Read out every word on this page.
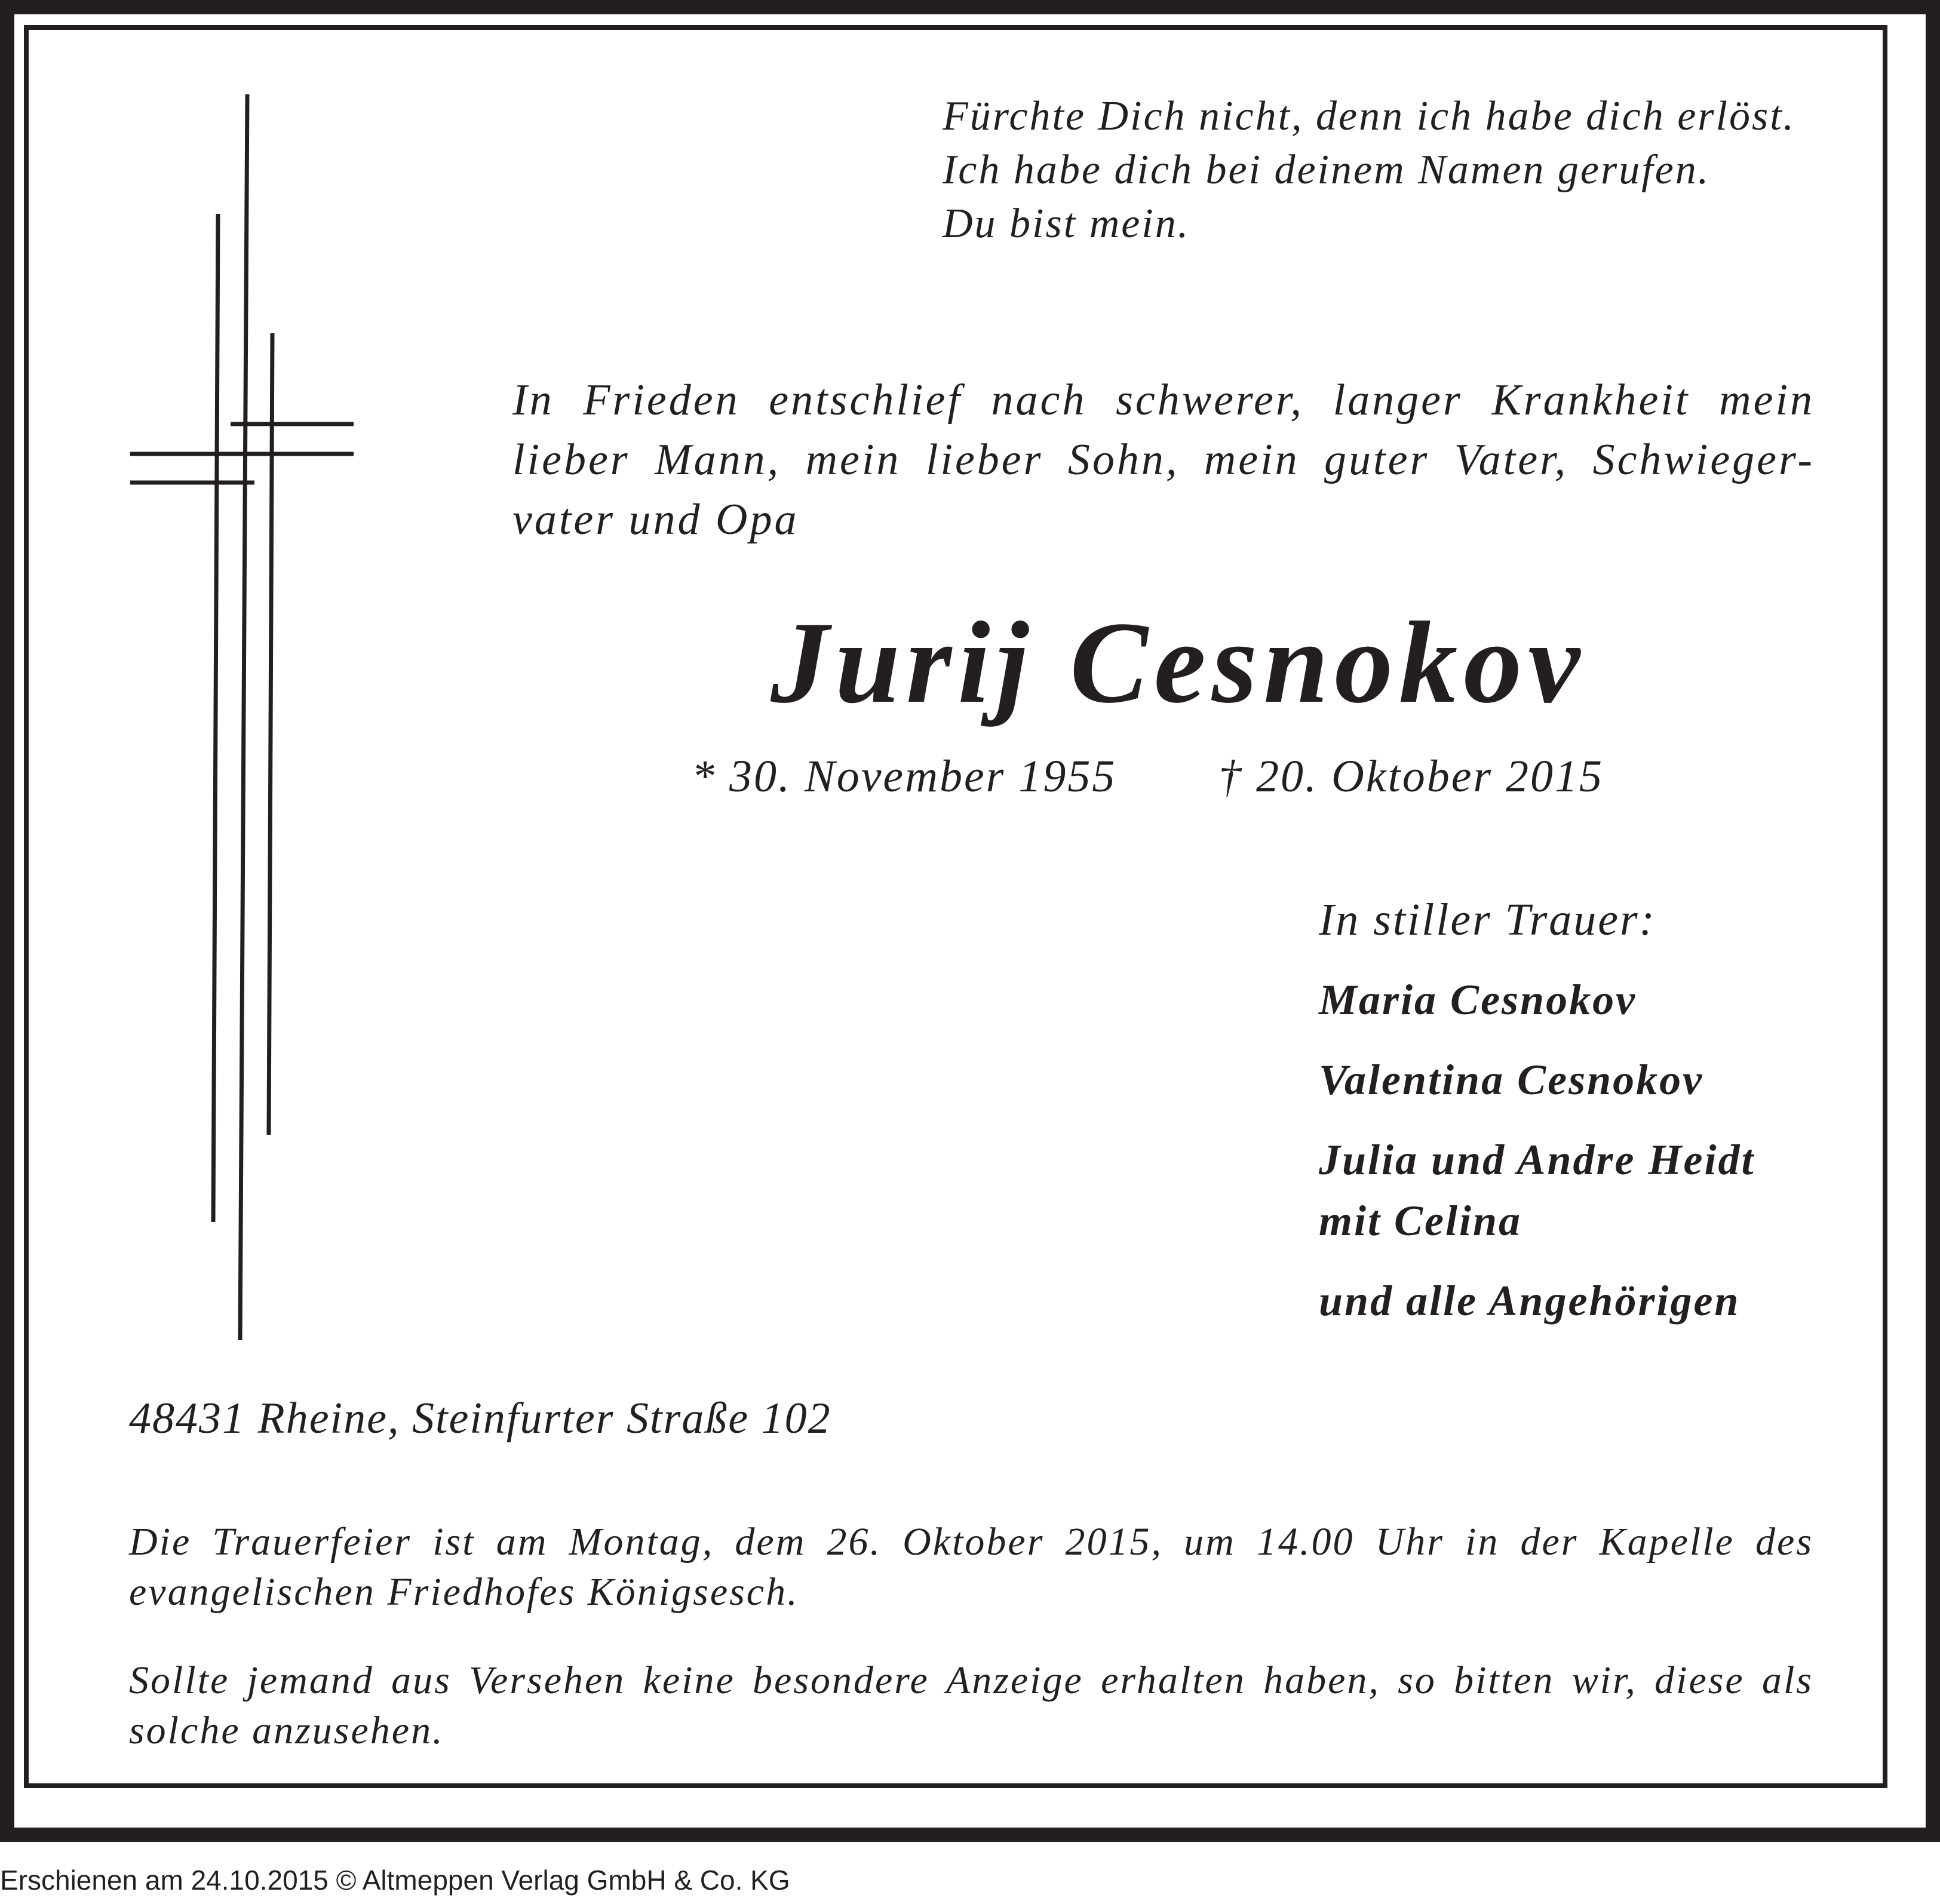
Fürchte Dich nicht, denn ich habe dich erlöst.
Ich habe dich bei deinem Namen gerufen.
Du bist mein.
In Frieden entschlief nach schwerer, langer Krankheit mein
lieber Mann, mein lieber Sohn, mein guter Vater, Schwieger-
vater und Opa
Jurij Cesnokov
* 30. November 1955 † 20. Oktober 2015
In stiller Trauer:
Maria Cesnokov
Valentina Cesnokov
Julia und Andre Heidt
mit Celina
und alle Angehörigen
48431 Rheine, Steinfurter Straße 102
Die Trauerfeier ist am Montag, dem 26. Oktober 2015, um 14.00 Uhr in der Kapelle des
evangelischen Friedhofes Königsesch.
Sollte jemand aus Versehen keine besondere Anzeige erhalten haben, so bitten wir, diese als
solche anzusehen.
Erschienen am 24.10.2015 © Altmeppen Verlag GmbH & Co. KG
